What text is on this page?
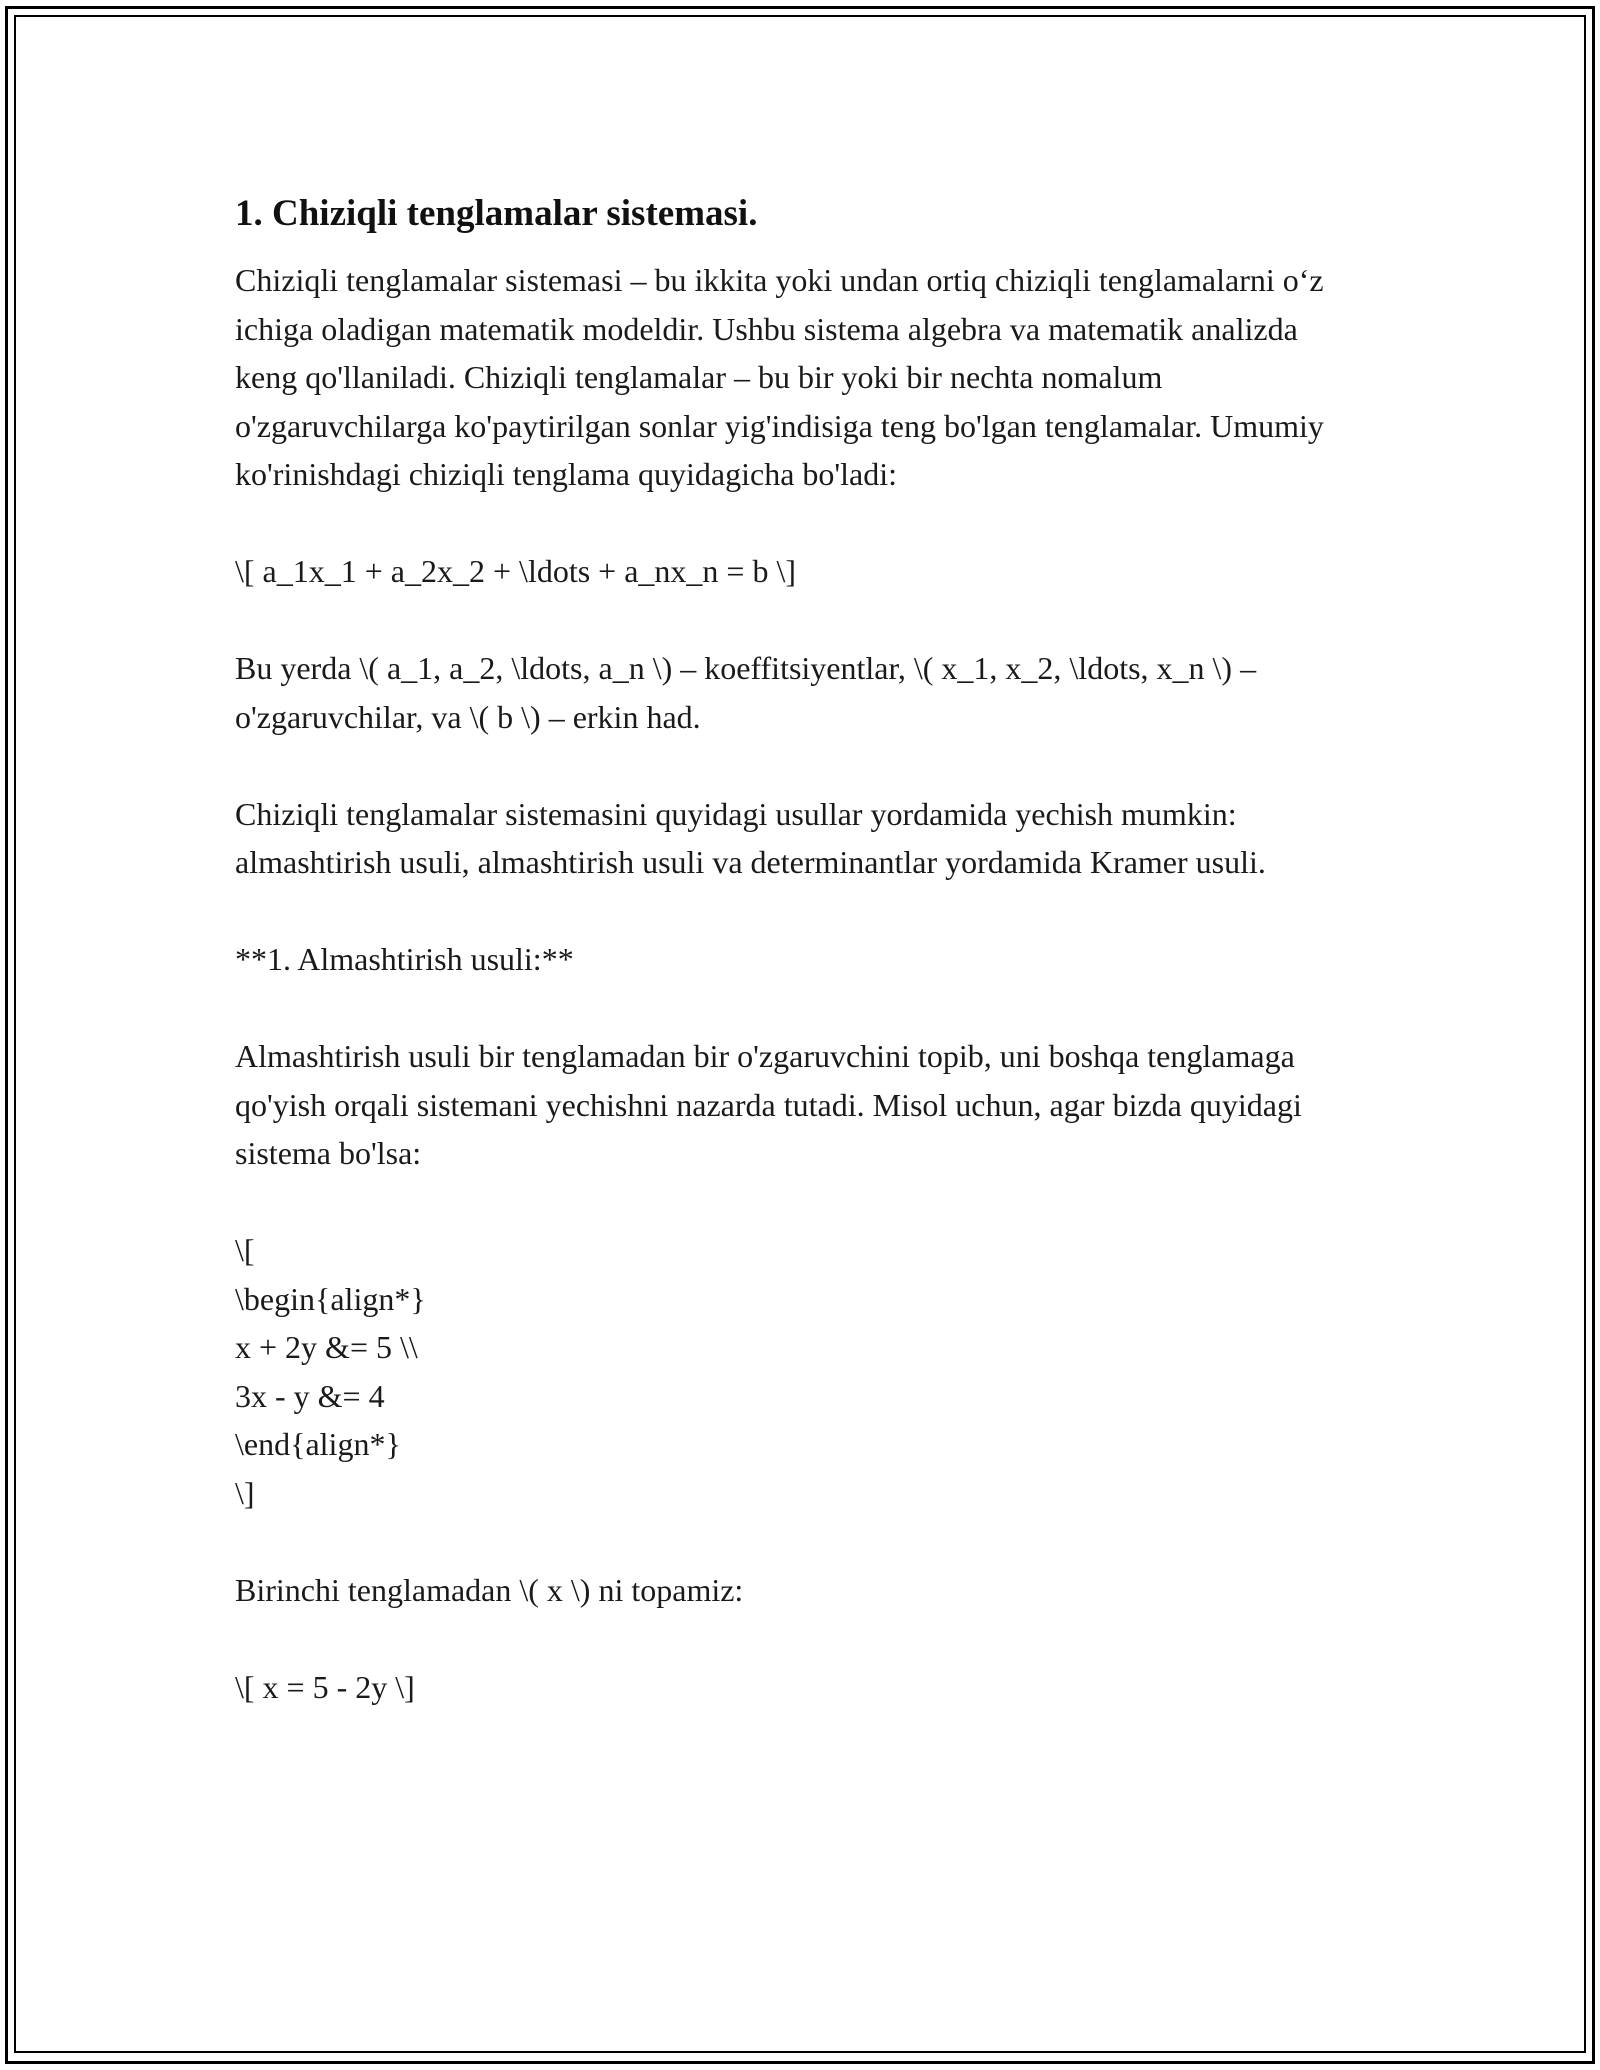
1. Chiziqli tenglamalar sistemasi.

Chiziqli tenglamalar sistemasi – bu ikkita yoki undan ortiq chiziqli tenglamalarni o‘z ichiga oladigan matematik modeldir. Ushbu sistema algebra va matematik analizda keng qo'llaniladi. Chiziqli tenglamalar – bu bir yoki bir nechta nomalum o'zgaruvchilarga ko'paytirilgan sonlar yig'indisiga teng bo'lgan tenglamalar. Umumiy ko'rinishdagi chiziqli tenglama quyidagicha bo'ladi:

\[ a_1x_1 + a_2x_2 + \ldots + a_nx_n = b \]

Bu yerda \( a_1, a_2, \ldots, a_n \) – koeffitsiyentlar, \( x_1, x_2, \ldots, x_n \) – o'zgaruvchilar, va \( b \) – erkin had.

Chiziqli tenglamalar sistemasini quyidagi usullar yordamida yechish mumkin: almashtirish usuli, almashtirish usuli va determinantlar yordamida Kramer usuli.

**1. Almashtirish usuli:**

Almashtirish usuli bir tenglamadan bir o'zgaruvchini topib, uni boshqa tenglamaga qo'yish orqali sistemani yechishni nazarda tutadi. Misol uchun, agar bizda quyidagi sistema bo'lsa:

\[

\begin{align*}

x + 2y &= 5 \\

3x - y &= 4

\end{align*}

\]

Birinchi tenglamadan \( x \) ni topamiz:

\[ x = 5 - 2y \]
